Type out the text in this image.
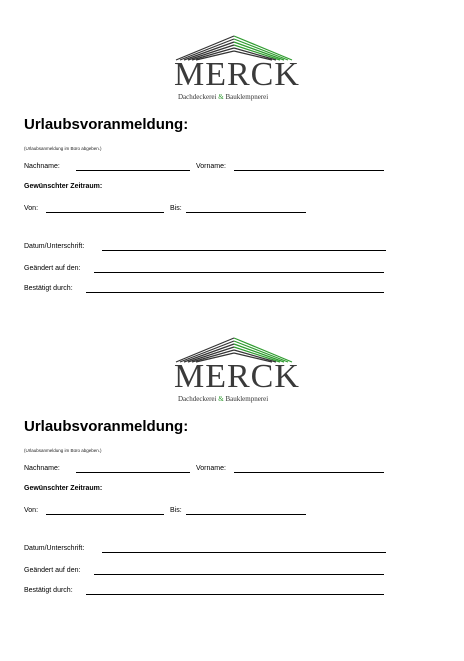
MERCK
Dachdeckerei & Bauklempnerei
Urlaubsvoranmeldung:
(Urlaubsanmeldung im Büro abgeben.)
Nachname:	Vorname:
Gewünschter Zeitraum:
Von:	Bis:
Datum/Unterschrift:
Geändert auf den:
Bestätigt durch:
MERCK
Dachdeckerei & Bauklempnerei
Urlaubsvoranmeldung:
(Urlaubsanmeldung im Büro abgeben.)
Nachname:	Vorname:
Gewünschter Zeitraum:
Von:	Bis:
Datum/Unterschrift:
Geändert auf den:
Bestätigt durch:
